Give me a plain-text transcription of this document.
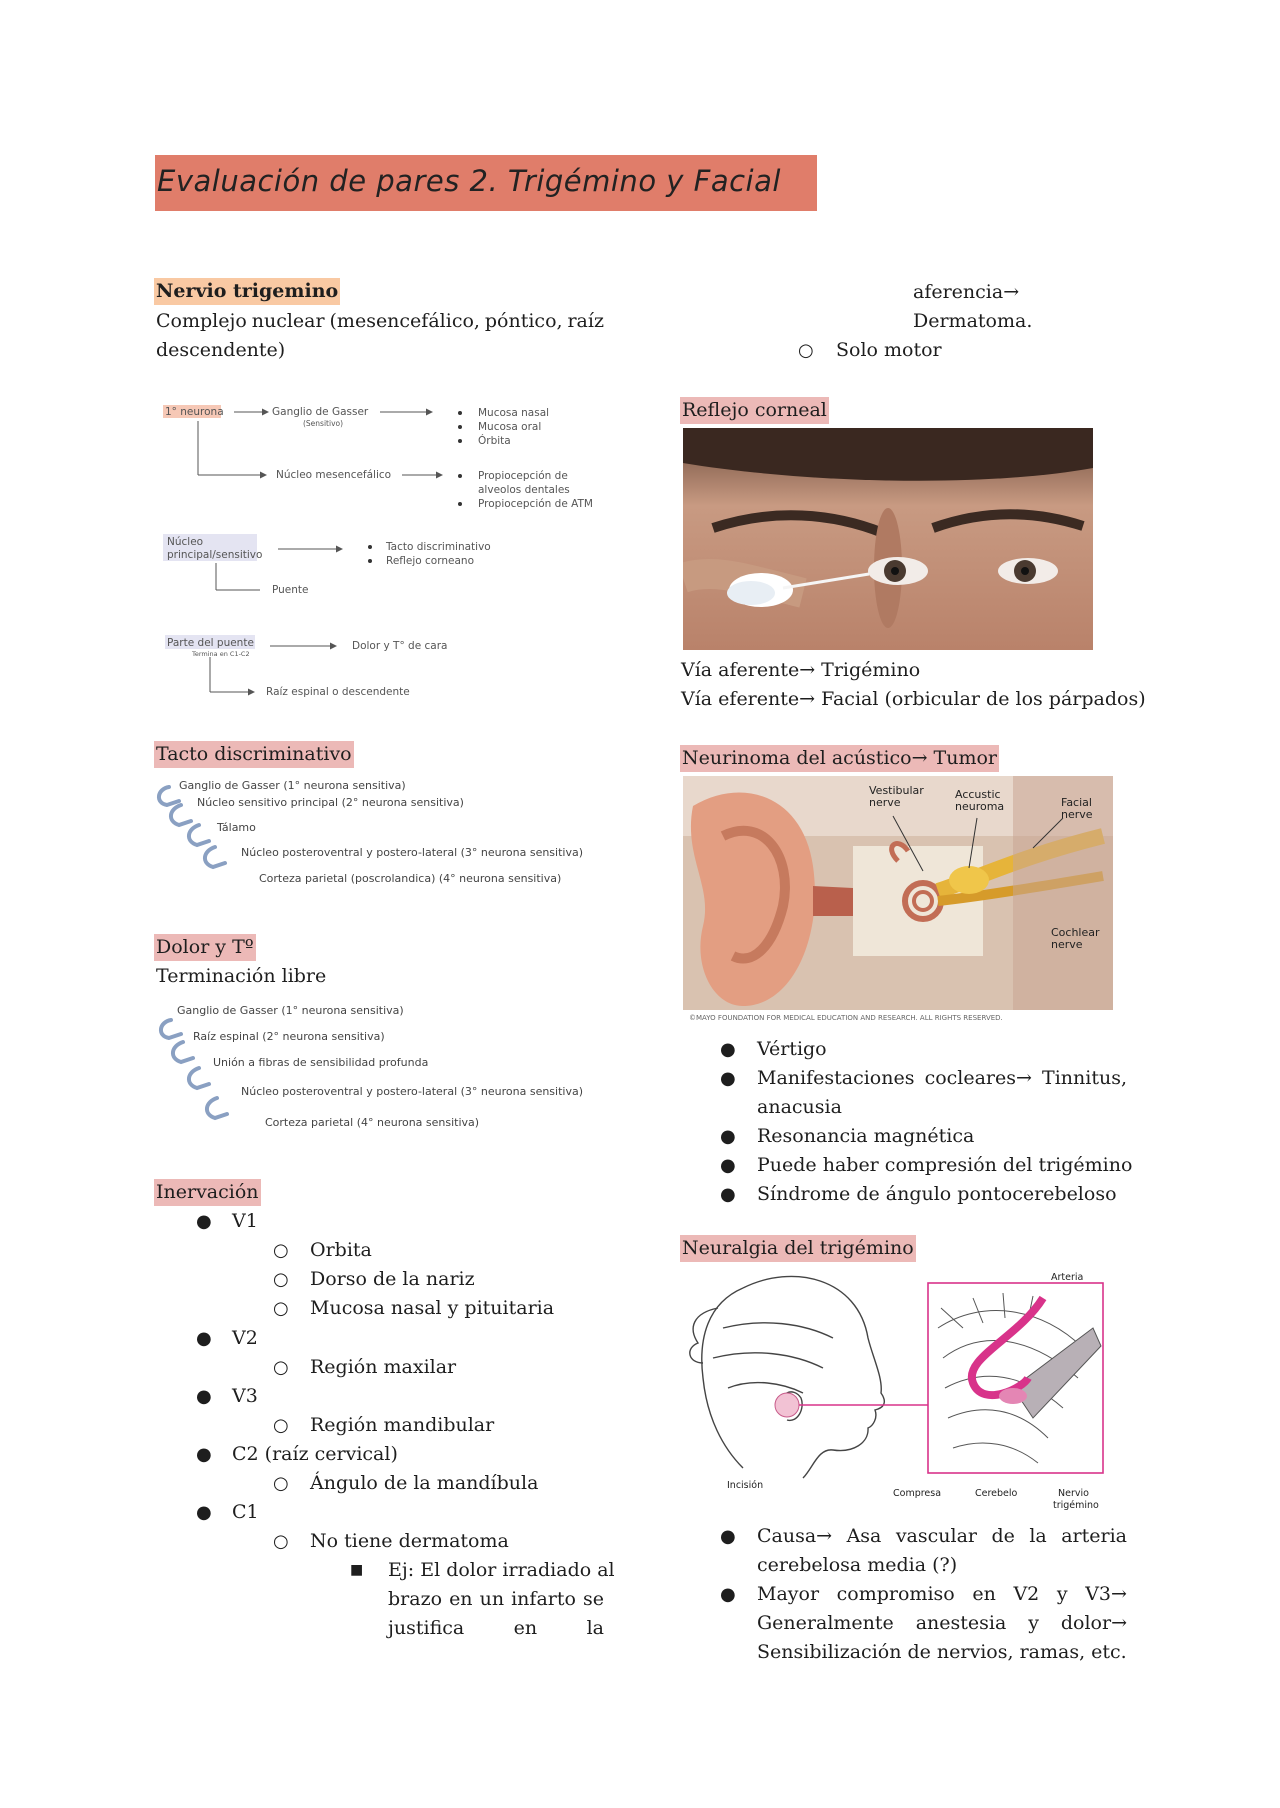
Evaluación de pares 2. Trigémino y Facial
Nervio trigemino
Complejo nuclear (mesencefálico, póntico, raíz
descendente)
1° neurona	Ganglio de Gasser
(Sensitivo)
Mucosa nasal
Mucosa oral
Órbita
Núcleo mesencefálico	Propiocepción de
alveolos dentales
Propiocepción de ATM
Núcleo
principal/sensitivo
Tacto discriminativo
Reflejo corneano
Puente
Parte del puente
Termina en C1-C2
Dolor y T° de cara
Raíz espinal o descendente
Tacto discriminativo
Ganglio de Gasser (1° neurona sensitiva)
Núcleo sensitivo principal (2° neurona sensitiva)
Tálamo
Núcleo posteroventral y postero-lateral (3° neurona sensitiva)
Corteza parietal (poscrolandica) (4° neurona sensitiva)
Dolor y Tº
Terminación libre
Ganglio de Gasser (1° neurona sensitiva)
Raíz espinal (2° neurona sensitiva)
Unión a fibras de sensibilidad profunda
Núcleo posteroventral y postero-lateral (3° neurona sensitiva)
Corteza parietal (4° neurona sensitiva)
Inervación
● V1
○ Orbita
○ Dorso de la nariz
○ Mucosa nasal y pituitaria
● V2
○ Región maxilar
● V3
○ Región mandibular
● C2 (raíz cervical)
○ Ángulo de la mandíbula
● C1
○ No tiene dermatoma
■ Ej: El dolor irradiado al
brazo en un infarto se
justifica	en	la
aferencia→
Dermatoma.
○ Solo motor
Reflejo corneal
Vía aferente→ Trigémino
Vía eferente→ Facial (orbicular de los párpados)
Neurinoma del acústico→ Tumor
Vestibular
nerve
Accustic
neuroma	Facial
nerve
Cochlear
nerve
©MAYO FOUNDATION FOR MEDICAL EDUCATION AND RESEARCH. ALL RIGHTS RESERVED.
● Vértigo
● Manifestaciones cocleares→ Tinnitus,
anacusia
● Resonancia magnética
● Puede haber compresión del trigémino
● Síndrome de ángulo pontocerebeloso
Neuralgia del trigémino
Arteria
Incisión
Compresa	Cerebelo	Nervio
trigémino
● Causa→ Asa vascular de la arteria
cerebelosa media (?)
● Mayor compromiso en V2 y V3→
Generalmente anestesia y dolor→
Sensibilización de nervios, ramas, etc.
